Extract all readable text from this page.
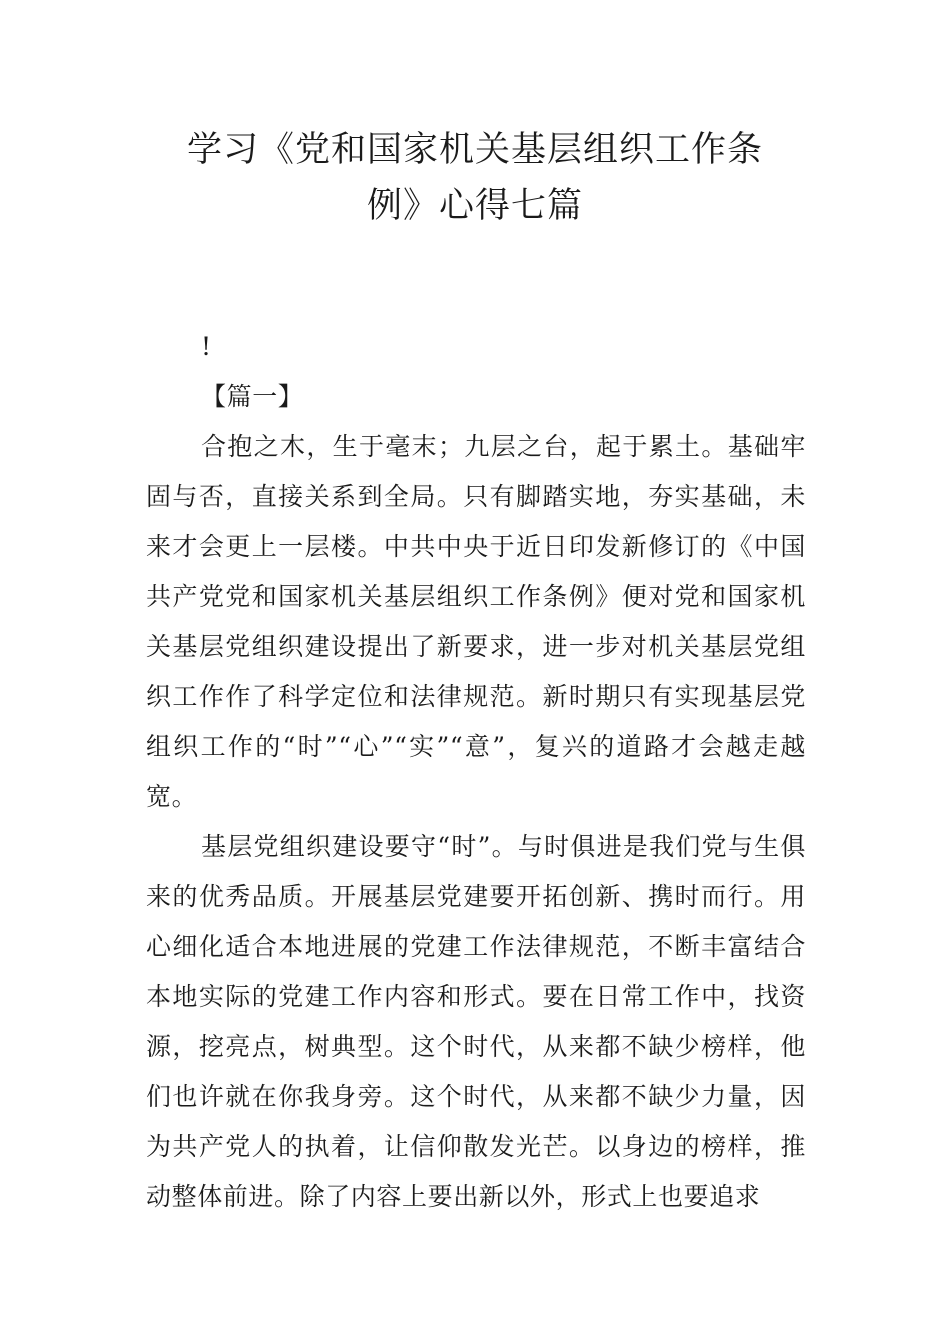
学习《党和国家机关基层组织工作条
例》心得七篇
!
【篇一】

合抱之木，生于毫末；九层之台，起于累土。基础牢固与否，直接关系到全局。只有脚踏实地，夯实基础，未来才会更上一层楼。中共中央于近日印发新修订的《中国共产党党和国家机关基层组织工作条例》便对党和国家机关基层党组织建设提出了新要求，进一步对机关基层党组织工作作了科学定位和法律规范。新时期只有实现基层党组织工作的“时”“心”“实”“意”，复兴的道路才会越走越宽。

基层党组织建设要守“时”。与时俱进是我们党与生俱来的优秀品质。开展基层党建要开拓创新、携时而行。用心细化适合本地进展的党建工作法律规范，不断丰富结合本地实际的党建工作内容和形式。要在日常工作中，找资源，挖亮点，树典型。这个时代，从来都不缺少榜样，他们也许就在你我身旁。这个时代，从来都不缺少力量，因为共产党人的执着，让信仰散发光芒。以身边的榜样，推动整体前进。除了内容上要出新以外，形式上也要追求
